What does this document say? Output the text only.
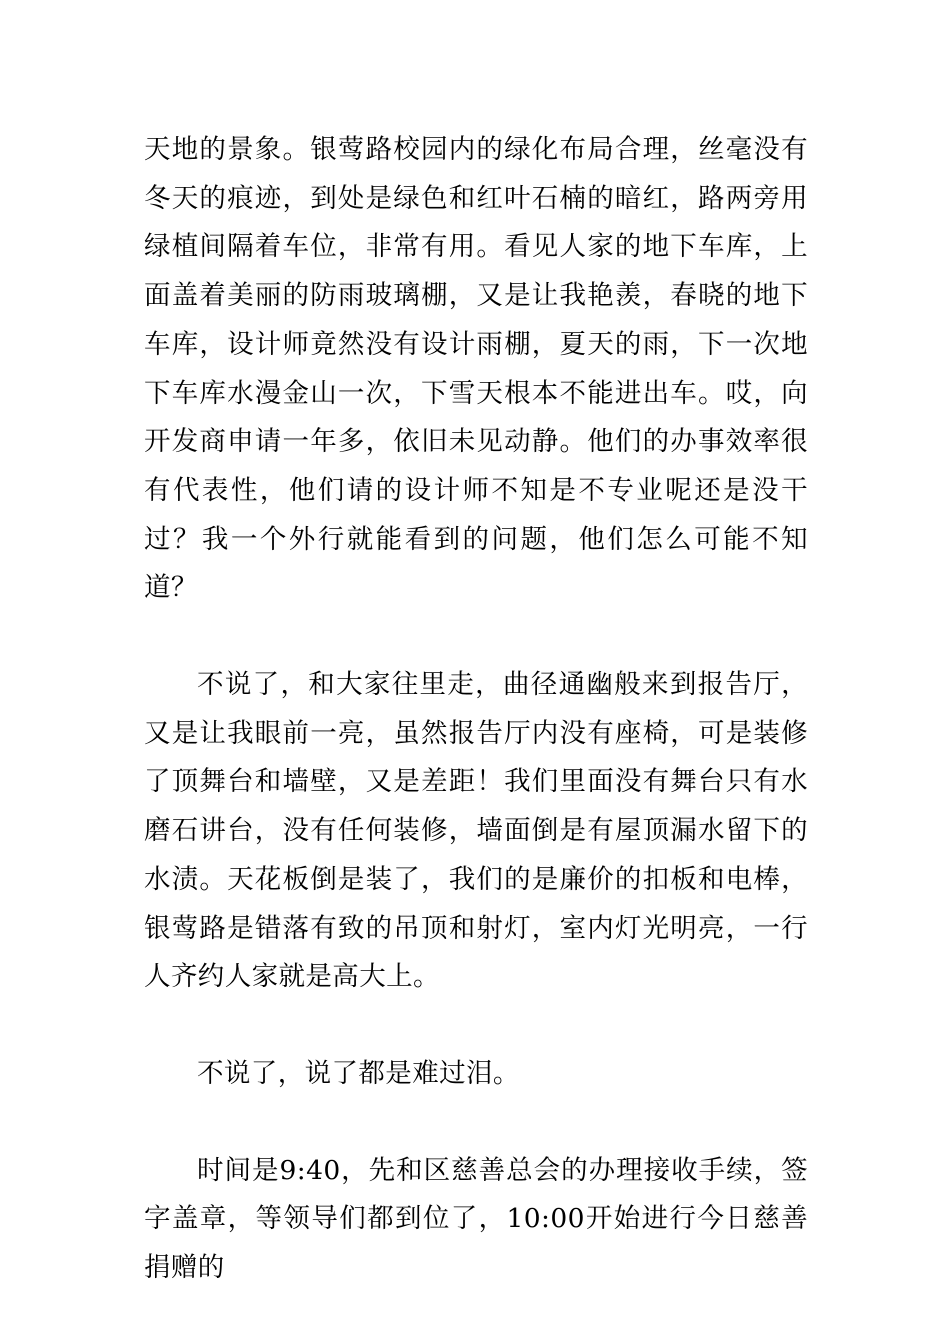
天地的景象。银莺路校园内的绿化布局合理，丝毫没有冬天的痕迹，到处是绿色和红叶石楠的暗红，路两旁用绿植间隔着车位，非常有用。看见人家的地下车库，上面盖着美丽的防雨玻璃棚，又是让我艳羡，春晓的地下车库，设计师竟然没有设计雨棚，夏天的雨，下一次地下车库水漫金山一次，下雪天根本不能进出车。哎，向开发商申请一年多，依旧未见动静。他们的办事效率很有代表性，他们请的设计师不知是不专业呢还是没干过？我一个外行就能看到的问题，他们怎么可能不知道？

不说了，和大家往里走，曲径通幽般来到报告厅，又是让我眼前一亮，虽然报告厅内没有座椅，可是装修了顶舞台和墙壁，又是差距！我们里面没有舞台只有水磨石讲台，没有任何装修，墙面倒是有屋顶漏水留下的水渍。天花板倒是装了，我们的是廉价的扣板和电棒，银莺路是错落有致的吊顶和射灯，室内灯光明亮，一行人齐约人家就是高大上。

不说了，说了都是难过泪。

时间是9:40，先和区慈善总会的办理接收手续，签字盖章，等领导们都到位了，10:00开始进行今日慈善捐赠的
